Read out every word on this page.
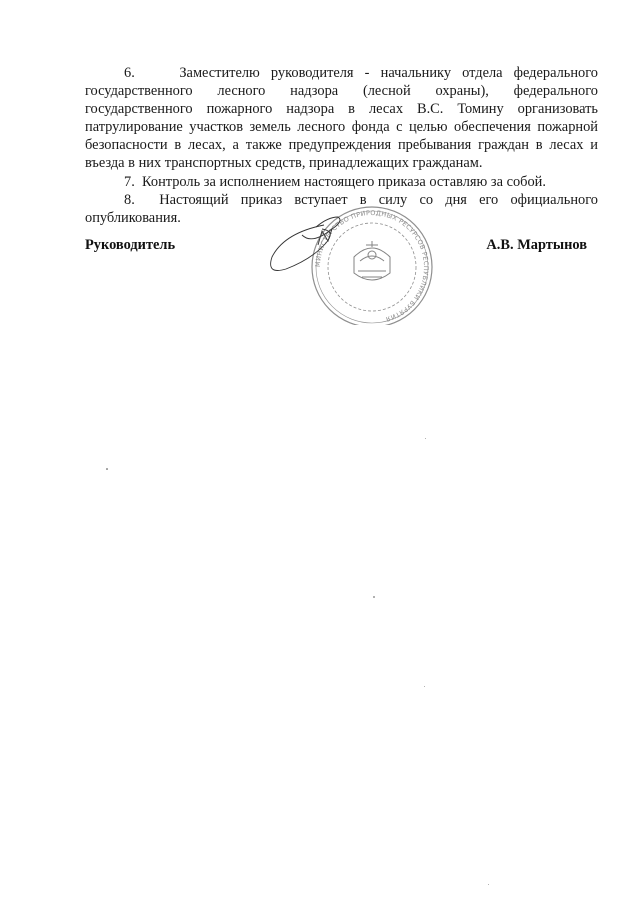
6.    Заместителю руководителя - начальнику отдела федерального государственного лесного надзора (лесной охраны), федерального государственного пожарного надзора в лесах В.С. Томину организовать патрулирование участков земель лесного фонда с целью обеспечения пожарной безопасности в лесах, а также предупреждения пребывания граждан в лесах и въезда в них транспортных средств, принадлежащих гражданам.

7.  Контроль за исполнением настоящего приказа оставляю за собой.

8.  Настоящий приказ вступает в силу со дня его официального опубликования.

Руководитель	А.В. Мартынов
МИНИСТЕРСТВО ПРИРОДНЫХ РЕСУРСОВ РЕСПУБЛИКИ БУРЯТИЯ
